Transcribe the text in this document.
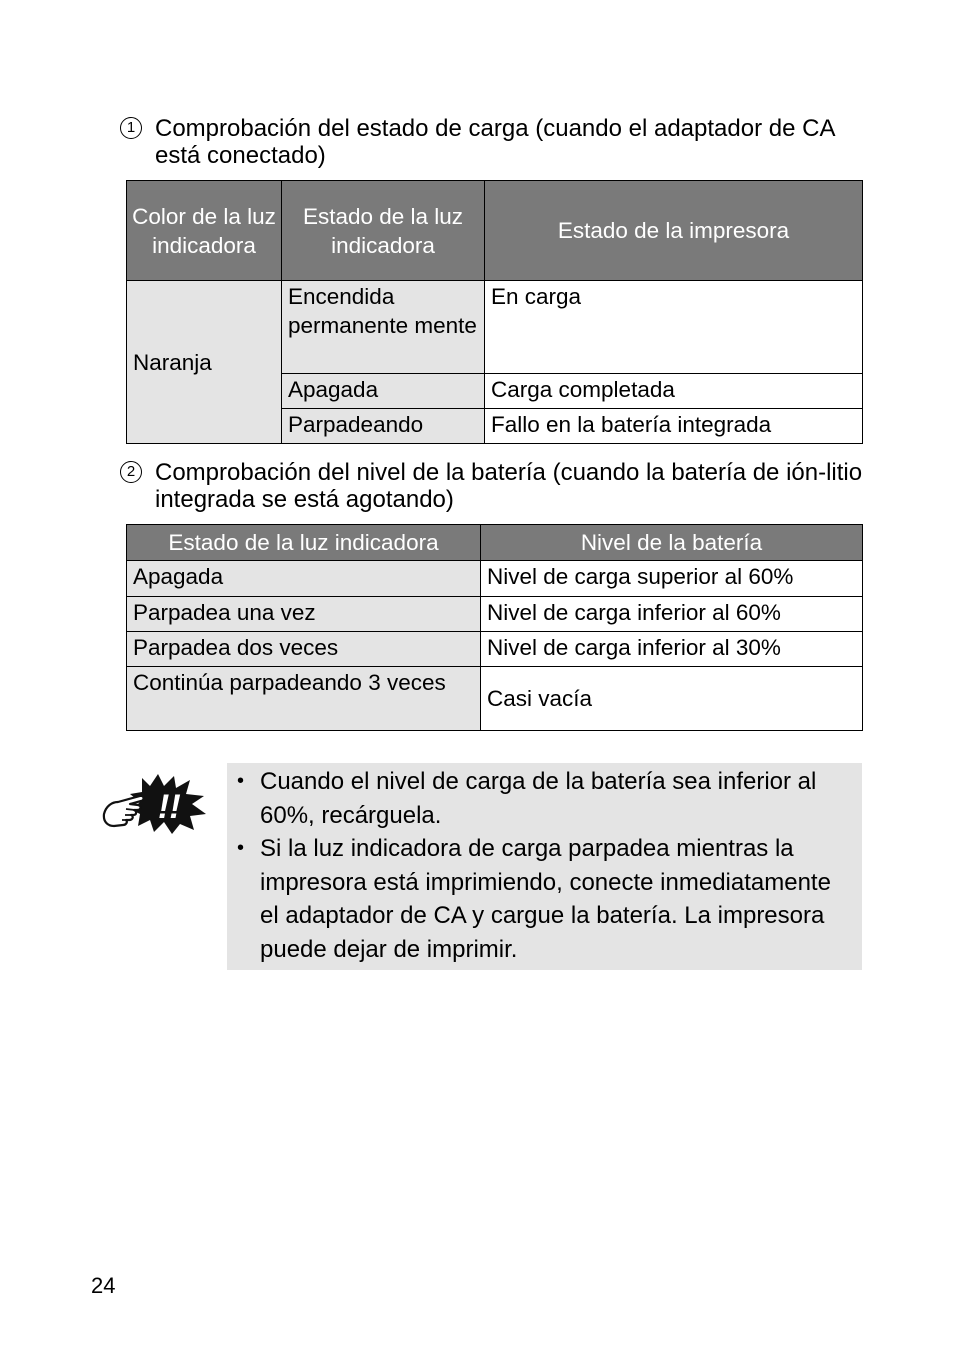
1 Comprobación del estado de carga (cuando el adaptador de CA está conectado)
Color de la luz indicadora	Estado de la luz indicadora	Estado de la impresora
Naranja	Encendida permanente mente	En carga
	Apagada	Carga completada
	Parpadeando	Fallo en la batería integrada
2 Comprobación del nivel de la batería (cuando la batería de ión-litio integrada se está agotando)
Estado de la luz indicadora	Nivel de la batería
Apagada	Nivel de carga superior al 60%
Parpadea una vez	Nivel de carga inferior al 60%
Parpadea dos veces	Nivel de carga inferior al 30%
Continúa parpadeando 3 veces	Casi vacía
!!
• Cuando el nivel de carga de la batería sea inferior al 60%, recárguela.
• Si la luz indicadora de carga parpadea mientras la impresora está imprimiendo, conecte inmediatamente el adaptador de CA y cargue la batería. La impresora puede dejar de imprimir.
24
